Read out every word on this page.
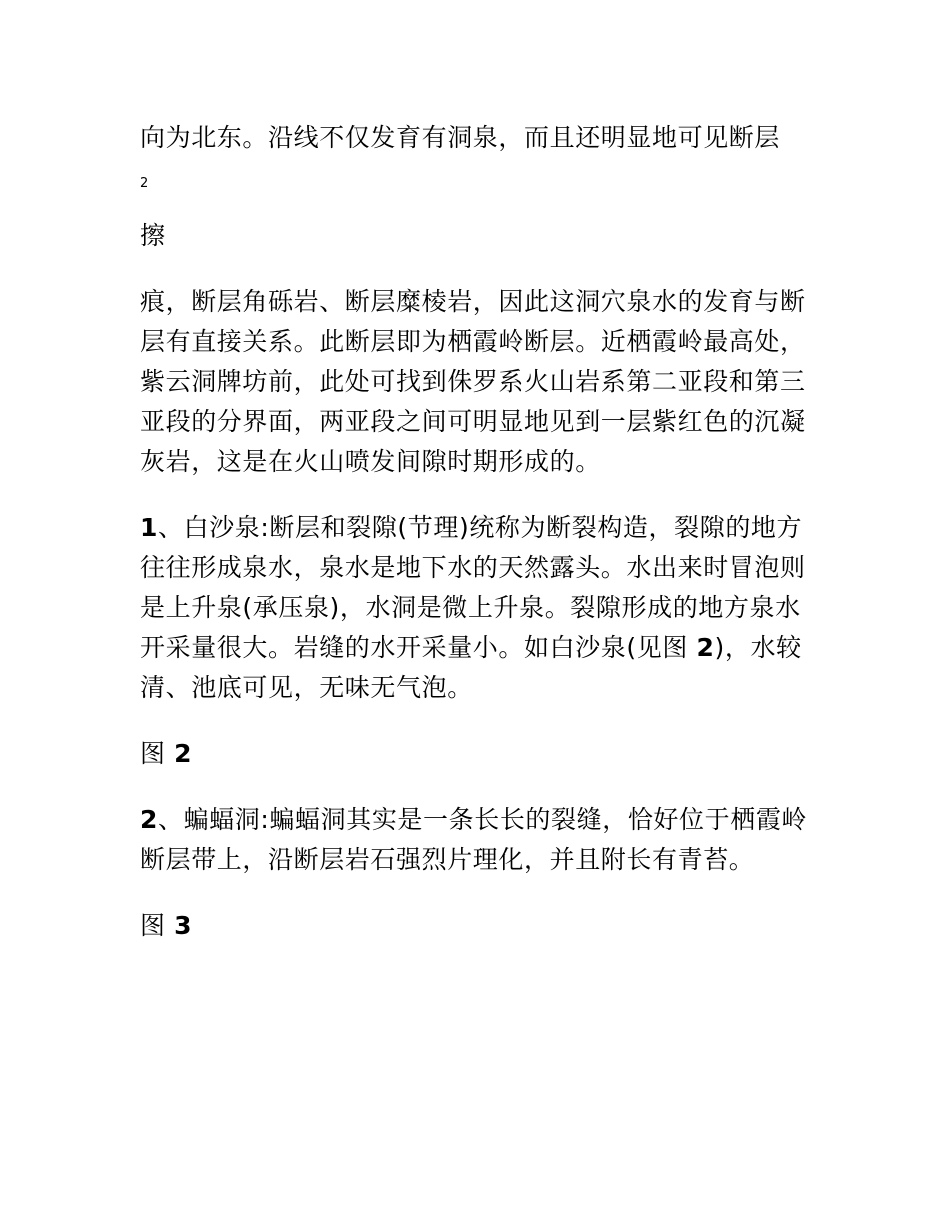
向为北东。沿线不仅发育有洞泉，而且还明显地可见断层

2

擦

痕，断层角砾岩、断层糜棱岩，因此这洞穴泉水的发育与断层有直接关系。此断层即为栖霞岭断层。近栖霞岭最高处，紫云洞牌坊前，此处可找到侏罗系火山岩系第二亚段和第三亚段的分界面，两亚段之间可明显地见到一层紫红色的沉凝灰岩，这是在火山喷发间隙时期形成的。

1、白沙泉:断层和裂隙(节理)统称为断裂构造，裂隙的地方往往形成泉水，泉水是地下水的天然露头。水出来时冒泡则是上升泉(承压泉)，水洞是微上升泉。裂隙形成的地方泉水开采量很大。岩缝的水开采量小。如白沙泉(见图 2)，水较清、池底可见，无味无气泡。

图 2

2、蝙蝠洞:蝙蝠洞其实是一条长长的裂缝，恰好位于栖霞岭断层带上，沿断层岩石强烈片理化，并且附长有青苔。

图 3
